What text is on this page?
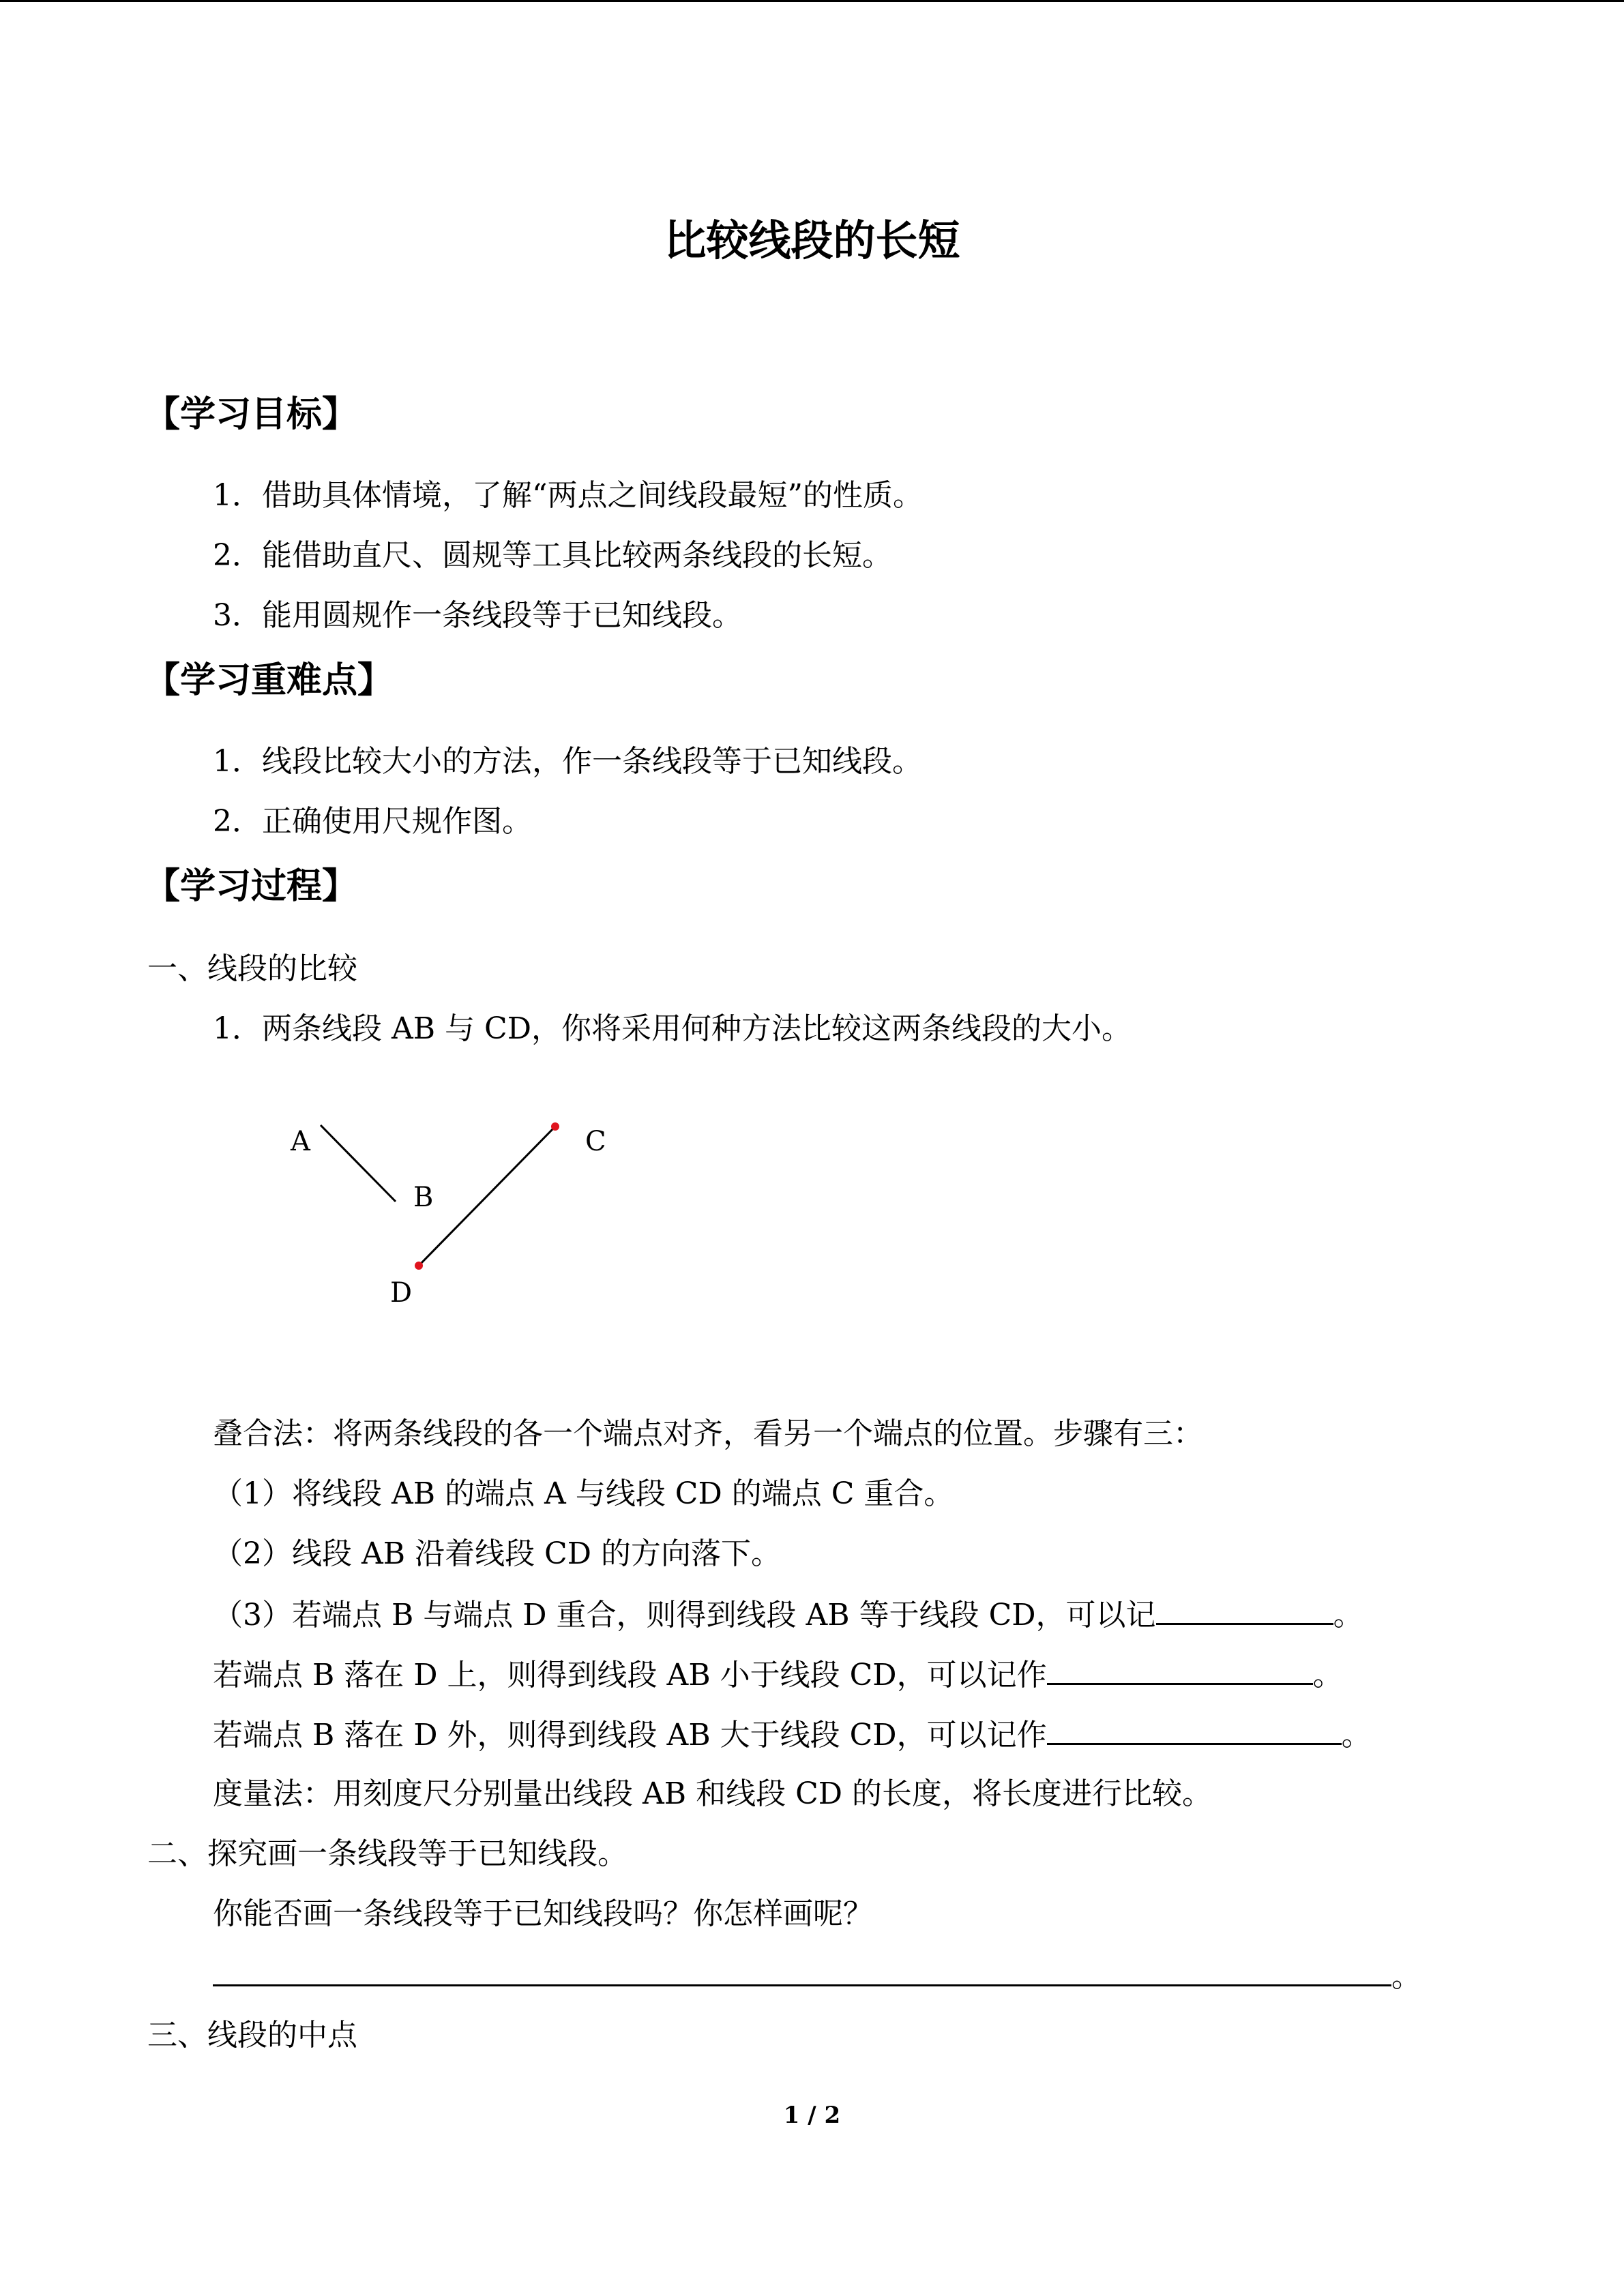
比较线段的长短
【学习目标】
1．借助具体情境，了解“两点之间线段最短”的性质。
2．能借助直尺、圆规等工具比较两条线段的长短。
3．能用圆规作一条线段等于已知线段。
【学习重难点】
1．线段比较大小的方法，作一条线段等于已知线段。
2．正确使用尺规作图。
【学习过程】
一、线段的比较
1．两条线段 AB 与 CD，你将采用何种方法比较这两条线段的大小。
A
B
C
D
叠合法：将两条线段的各一个端点对齐，看另一个端点的位置。步骤有三：
（1）将线段 AB 的端点 A 与线段 CD 的端点 C 重合。
（2）线段 AB 沿着线段 CD 的方向落下。
（3）若端点 B 与端点 D 重合，则得到线段 AB 等于线段 CD，可以记	。
若端点 B 落在 D 上，则得到线段 AB 小于线段 CD，可以记作	。
若端点 B 落在 D 外，则得到线段 AB 大于线段 CD，可以记作	。
度量法：用刻度尺分别量出线段 AB 和线段 CD 的长度，将长度进行比较。
二、探究画一条线段等于已知线段。
你能否画一条线段等于已知线段吗？你怎样画呢？
。
三、线段的中点
1 / 2
